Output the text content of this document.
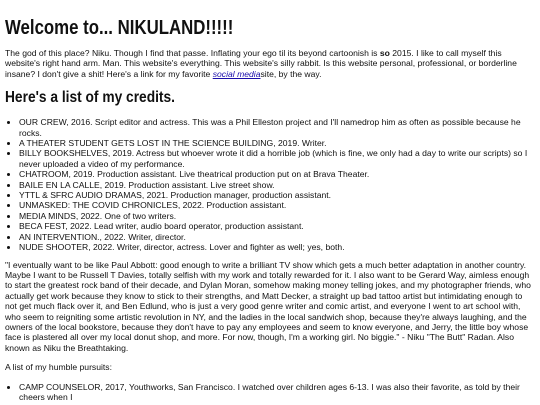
Welcome to... NIKULAND!!!!!

The god of this place? Niku. Though I find that passe. Inflating your ego til its beyond cartoonish is so 2015. I like to call myself this website's right hand arm. Man. This website's everything. This website's silly rabbit. Is this website personal, professional, or borderline insane? I don't give a shit! Here's a link for my favorite social mediasite, by the way.

Here's a list of my credits.
• OUR CREW, 2016. Script editor and actress. This was a Phil Elleston project and I'll namedrop him as often as possible because he rocks.
• A THEATER STUDENT GETS LOST IN THE SCIENCE BUILDING, 2019. Writer.
• BILLY BOOKSHELVES, 2019. Actress but whoever wrote it did a horrible job (which is fine, we only had a day to write our scripts) so I never uploaded a video of my performance.
• CHATROOM, 2019. Production assistant. Live theatrical production put on at Brava Theater.
• BAILE EN LA CALLE, 2019. Production assistant. Live street show.
• YTTL & SFRC AUDIO DRAMAS, 2021. Production manager, production assistant.
• UNMASKED: THE COVID CHRONICLES, 2022. Production assistant.
• MEDIA MINDS, 2022. One of two writers.
• BECA FEST, 2022. Lead writer, audio board operator, production assistant.
• AN INTERVENTION., 2022. Writer, director.
• NUDE SHOOTER, 2022. Writer, director, actress. Lover and fighter as well; yes, both.

"I eventually want to be like Paul Abbott: good enough to write a brilliant TV show which gets a much better adaptation in another country. Maybe I want to be Russell T Davies, totally selfish with my work and totally rewarded for it. I also want to be Gerard Way, aimless enough to start the greatest rock band of their decade, and Dylan Moran, somehow making money telling jokes, and my photographer friends, who actually get work because they know to stick to their strengths, and Matt Decker, a straight up bad tattoo artist but intimidating enough to not get much flack over it, and Ben Edlund, who is just a very good genre writer and comic artist, and everyone I went to art school with, who seem to reigniting some artistic revolution in NY, and the ladies in the local sandwich shop, because they're always laughing, and the owners of the local bookstore, because they don't have to pay any employees and seem to know everyone, and Jerry, the little boy whose face is plastered all over my local donut shop, and more. For now, though, I'm a working girl. No biggie." - Niku "The Butt" Radan. Also known as Niku the Breathtaking.

A list of my humble pursuits:

• CAMP COUNSELOR, 2017, Youthworks, San Francisco. I watched over children ages 6-13. I was also their favorite, as told by their cheers when I
